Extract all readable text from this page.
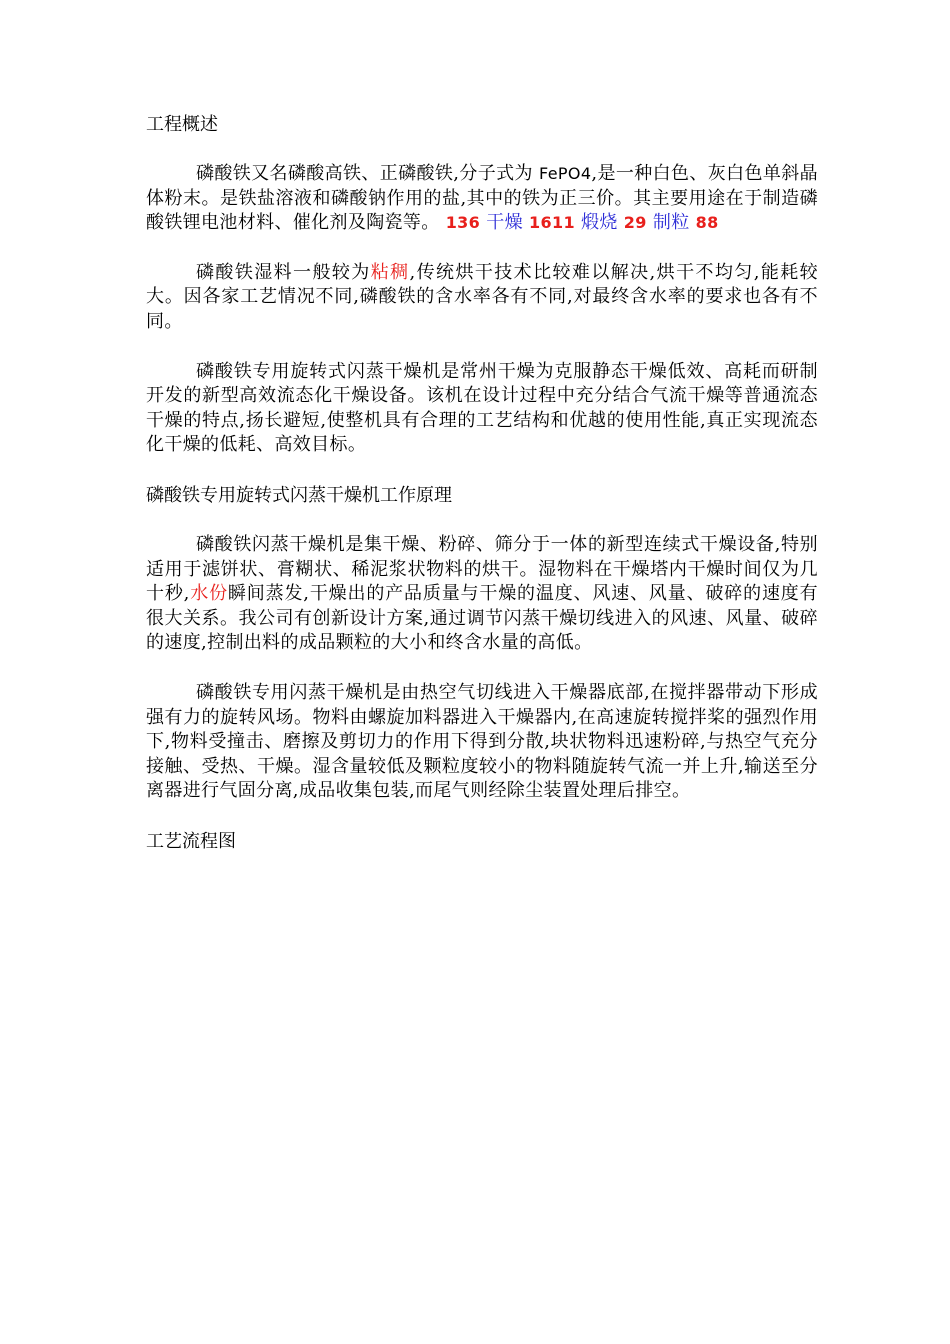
工程概述

磷酸铁又名磷酸高铁、正磷酸铁,分子式为 FePO4,是一种白色、灰白色单斜晶体粉末。是铁盐溶液和磷酸钠作用的盐,其中的铁为正三价。其主要用途在于制造磷酸铁锂电池材料、催化剂及陶瓷等。 136 干燥 1611 煅烧 29 制粒 88

磷酸铁湿料一般较为粘稠,传统烘干技术比较难以解决,烘干不均匀,能耗较大。因各家工艺情况不同,磷酸铁的含水率各有不同,对最终含水率的要求也各有不同。

磷酸铁专用旋转式闪蒸干燥机是常州干燥为克服静态干燥低效、高耗而研制开发的新型高效流态化干燥设备。该机在设计过程中充分结合气流干燥等普通流态干燥的特点,扬长避短,使整机具有合理的工艺结构和优越的使用性能,真正实现流态化干燥的低耗、高效目标。

磷酸铁专用旋转式闪蒸干燥机工作原理

磷酸铁闪蒸干燥机是集干燥、粉碎、筛分于一体的新型连续式干燥设备,特别适用于滤饼状、膏糊状、稀泥浆状物料的烘干。湿物料在干燥塔内干燥时间仅为几十秒,水份瞬间蒸发,干燥出的产品质量与干燥的温度、风速、风量、破碎的速度有很大关系。我公司有创新设计方案,通过调节闪蒸干燥切线进入的风速、风量、破碎的速度,控制出料的成品颗粒的大小和终含水量的高低。

磷酸铁专用闪蒸干燥机是由热空气切线进入干燥器底部,在搅拌器带动下形成强有力的旋转风场。物料由螺旋加料器进入干燥器内,在高速旋转搅拌桨的强烈作用下,物料受撞击、磨擦及剪切力的作用下得到分散,块状物料迅速粉碎,与热空气充分接触、受热、干燥。湿含量较低及颗粒度较小的物料随旋转气流一并上升,输送至分离器进行气固分离,成品收集包装,而尾气则经除尘装置处理后排空。

工艺流程图
